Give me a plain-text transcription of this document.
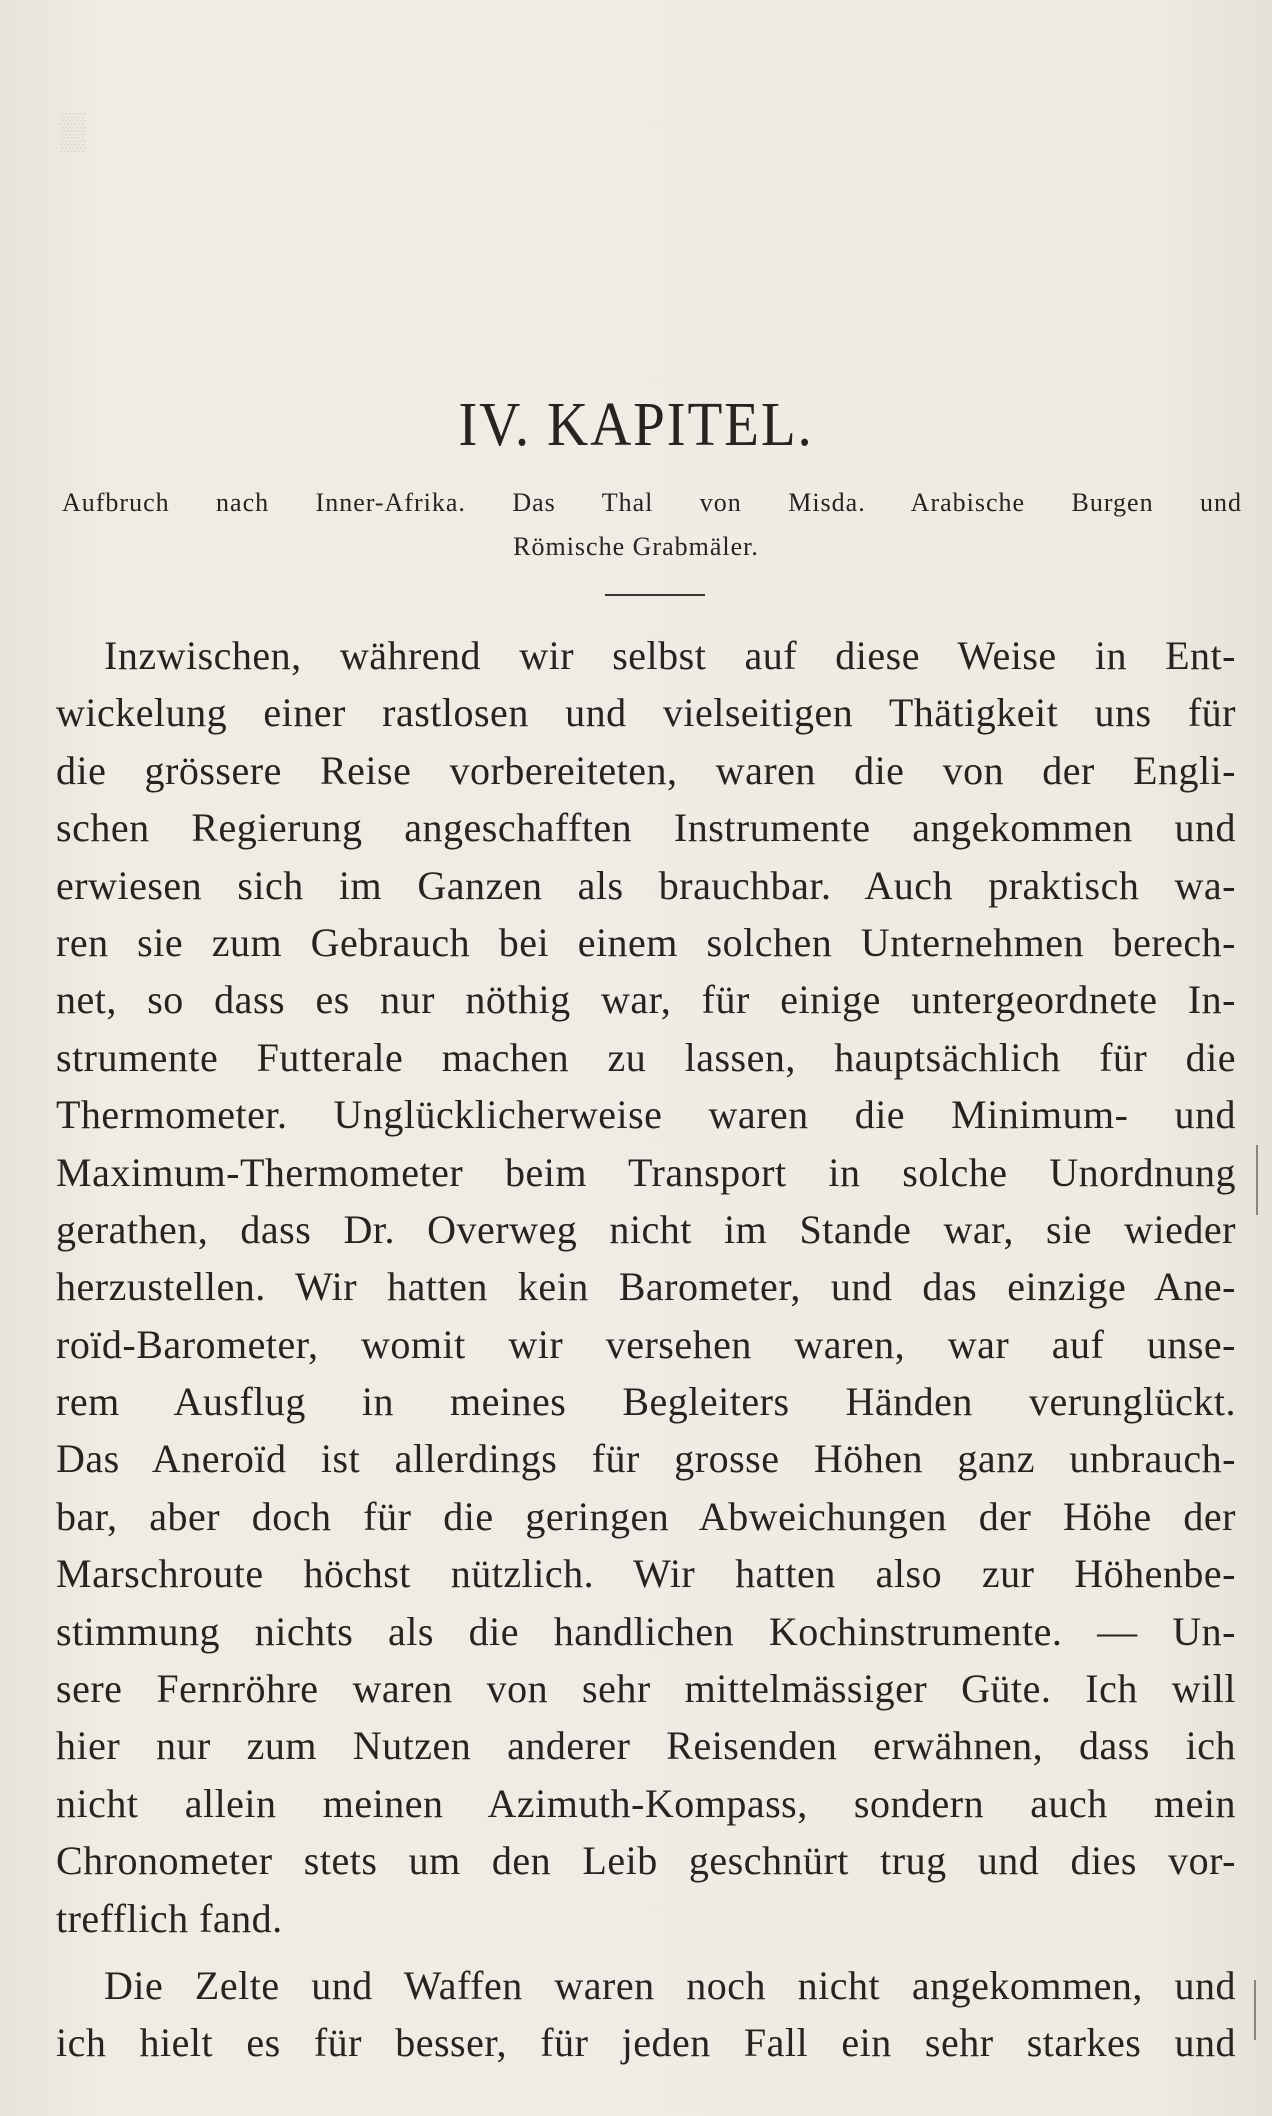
▒
IV. KAPITEL.
Aufbruch nach Inner-Afrika. Das Thal von Misda. Arabische Burgen und
Römische Grabmäler.
Inzwischen, während wir selbst auf diese Weise in Ent-
wickelung einer rastlosen und vielseitigen Thätigkeit uns für
die grössere Reise vorbereiteten, waren die von der Engli-
schen Regierung angeschafften Instrumente angekommen und
erwiesen sich im Ganzen als brauchbar. Auch praktisch wa-
ren sie zum Gebrauch bei einem solchen Unternehmen berech-
net, so dass es nur nöthig war, für einige untergeordnete In-
strumente Futterale machen zu lassen, hauptsächlich für die
Thermometer. Unglücklicherweise waren die Minimum- und
Maximum-Thermometer beim Transport in solche Unordnung
gerathen, dass Dr. Overweg nicht im Stande war, sie wieder
herzustellen. Wir hatten kein Barometer, und das einzige Ane-
roïd-Barometer, womit wir versehen waren, war auf unse-
rem Ausflug in meines Begleiters Händen verunglückt.
Das Aneroïd ist allerdings für grosse Höhen ganz unbrauch-
bar, aber doch für die geringen Abweichungen der Höhe der
Marschroute höchst nützlich. Wir hatten also zur Höhenbe-
stimmung nichts als die handlichen Kochinstrumente. — Un-
sere Fernröhre waren von sehr mittelmässiger Güte. Ich will
hier nur zum Nutzen anderer Reisenden erwähnen, dass ich
nicht allein meinen Azimuth-Kompass, sondern auch mein
Chronometer stets um den Leib geschnürt trug und dies vor-
trefflich fand.
Die Zelte und Waffen waren noch nicht angekommen, und
ich hielt es für besser, für jeden Fall ein sehr starkes und
